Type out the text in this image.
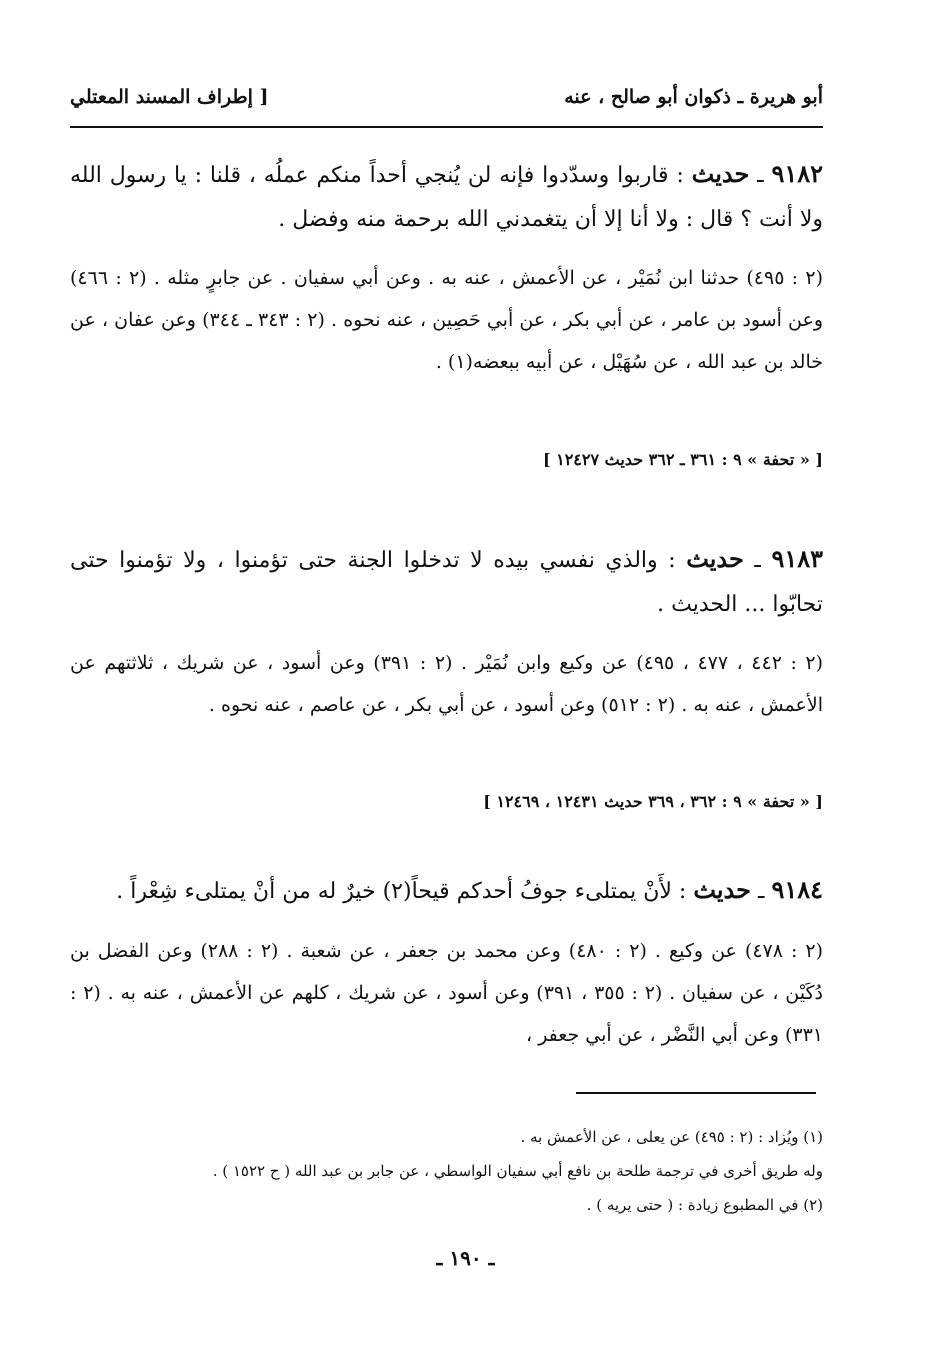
أبو هريرة ـ ذكوان أبو صالح ، عنه
[ إطراف المسند المعتلي

٩١٨٢ ـ حديث : قاربوا وسدّدوا فإنه لن يُنجي أحداً منكم عملُه ، قلنا : يا رسول الله ولا أنت ؟ قال : ولا أنا إلا أن يتغمدني الله برحمة منه وفضل .

(٢ : ٤٩٥) حدثنا ابن نُمَيْر ، عن الأعمش ، عنه به . وعن أبي سفيان . عن جابرٍ مثله . (٢ : ٤٦٦) وعن أسود بن عامر ، عن أبي بكر ، عن أبي حَصِين ، عنه نحوه . (٢ : ٣٤٣ ـ ٣٤٤) وعن عفان ، عن خالد بن عبد الله ، عن سُهَيْل ، عن أبيه ببعضه(١) .

[ « تحفة » ٩ : ٣٦١ ـ ٣٦٢ حديث ١٢٤٢٧ ]

٩١٨٣ ـ حديث : والذي نفسي بيده لا تدخلوا الجنة حتى تؤمنوا ، ولا تؤمنوا حتى تحابّوا ... الحديث .

(٢ : ٤٤٢ ، ٤٧٧ ، ٤٩٥) عن وكيع وابن نُمَيْر . (٢ : ٣٩١) وعن أسود ، عن شريك ، ثلاثتهم عن الأعمش ، عنه به . (٢ : ٥١٢) وعن أسود ، عن أبي بكر ، عن عاصم ، عنه نحوه .

[ « تحفة » ٩ : ٣٦٢ ، ٣٦٩ حديث ١٢٤٣١ ، ١٢٤٦٩ ]

٩١٨٤ ـ حديث : لأَنْ يمتلىء جوفُ أحدكم قيحاً(٢) خيرٌ له من أنْ يمتلىء شِعْراً .

(٢ : ٤٧٨) عن وكيع . (٢ : ٤٨٠) وعن محمد بن جعفر ، عن شعبة . (٢ : ٢٨٨) وعن الفضل بن دُكَيْن ، عن سفيان . (٢ : ٣٥٥ ، ٣٩١) وعن أسود ، عن شريك ، كلهم عن الأعمش ، عنه به . (٢ : ٣٣١) وعن أبي النَّضْر ، عن أبي جعفر ،

(١) ويُزاد : (٢ : ٤٩٥) عن يعلى ، عن الأعمش به .

وله طريق أخرى في ترجمة طلحة بن نافع أبي سفيان الواسطي ، عن جابر بن عبد الله ( ح ١٥٢٢ ) .

(٢) في المطبوع زيادة : ( حتى يريه ) .

ـ ١٩٠ ـ
